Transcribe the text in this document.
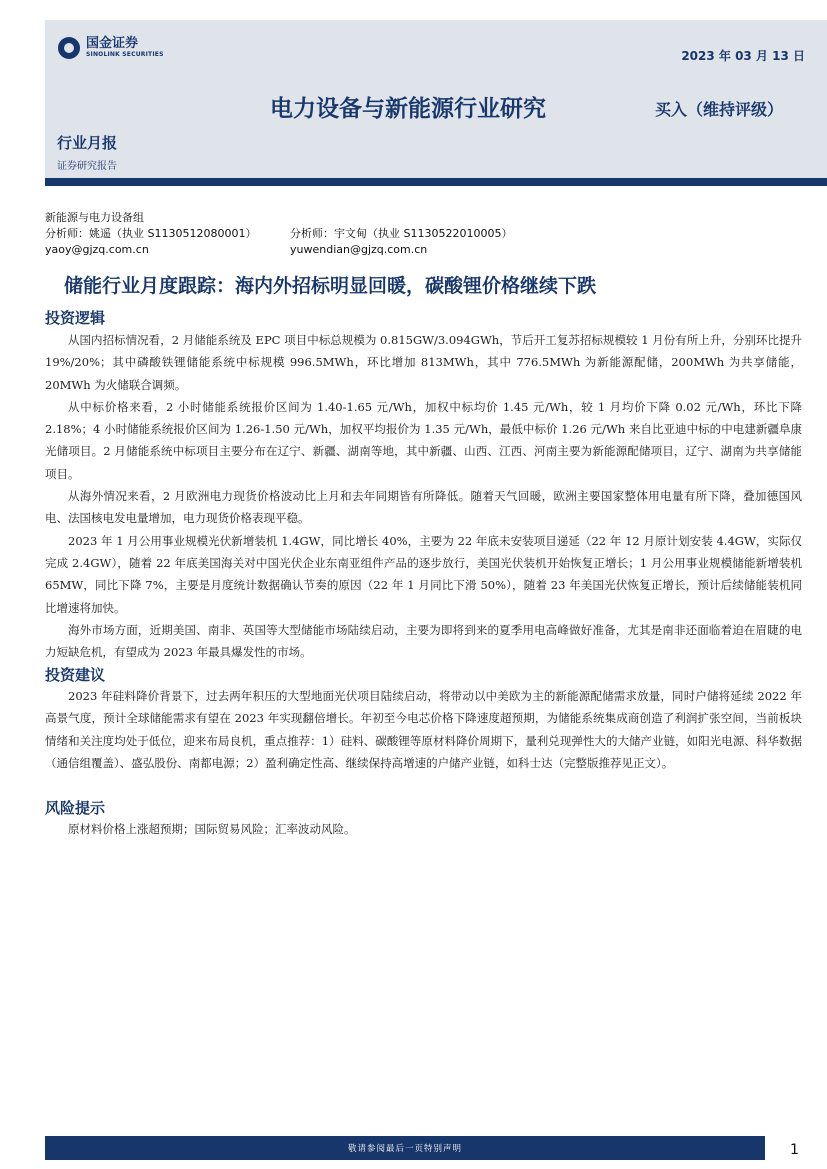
国金证券
SINOLINK SECURITIES	2023 年 03 月 13 日
电力设备与新能源行业研究	买入（维持评级）
行业月报
证券研究报告
新能源与电力设备组
分析师：姚遥（执业 S1130512080001）	分析师：宇文甸（执业 S1130522010005）
yaoy@gjzq.com.cn	yuwendian@gjzq.com.cn
储能行业月度跟踪：海内外招标明显回暖，碳酸锂价格继续下跌
投资逻辑

从国内招标情况看，2 月储能系统及 EPC 项目中标总规模为 0.815GW/3.094GWh，节后开工复苏招标规模较 1 月份有所上升，分别环比提升 19%/20%；其中磷酸铁锂储能系统中标规模 996.5MWh，环比增加 813MWh，其中 776.5MWh 为新能源配储，200MWh 为共享储能，20MWh 为火储联合调频。

从中标价格来看，2 小时储能系统报价区间为 1.40-1.65 元/Wh，加权中标均价 1.45 元/Wh，较 1 月均价下降 0.02 元/Wh，环比下降 2.18%；4 小时储能系统报价区间为 1.26-1.50 元/Wh，加权平均报价为 1.35 元/Wh，最低中标价 1.26 元/Wh 来自比亚迪中标的中电建新疆阜康光储项目。2 月储能系统中标项目主要分布在辽宁、新疆、湖南等地，其中新疆、山西、江西、河南主要为新能源配储项目，辽宁、湖南为共享储能项目。

从海外情况来看，2 月欧洲电力现货价格波动比上月和去年同期皆有所降低。随着天气回暖，欧洲主要国家整体用电量有所下降，叠加德国风电、法国核电发电量增加，电力现货价格表现平稳。

2023 年 1 月公用事业规模光伏新增装机 1.4GW，同比增长 40%，主要为 22 年底未安装项目递延（22 年 12 月原计划安装 4.4GW，实际仅完成 2.4GW），随着 22 年底美国海关对中国光伏企业东南亚组件产品的逐步放行，美国光伏装机开始恢复正增长；1 月公用事业规模储能新增装机 65MW，同比下降 7%，主要是月度统计数据确认节奏的原因（22 年 1 月同比下滑 50%），随着 23 年美国光伏恢复正增长，预计后续储能装机同比增速将加快。

海外市场方面，近期美国、南非、英国等大型储能市场陆续启动，主要为即将到来的夏季用电高峰做好准备，尤其是南非还面临着迫在眉睫的电力短缺危机，有望成为 2023 年最具爆发性的市场。

投资建议

2023 年硅料降价背景下，过去两年积压的大型地面光伏项目陆续启动，将带动以中美欧为主的新能源配储需求放量，同时户储将延续 2022 年高景气度，预计全球储能需求有望在 2023 年实现翻倍增长。年初至今电芯价格下降速度超预期，为储能系统集成商创造了利润扩张空间，当前板块情绪和关注度均处于低位，迎来布局良机，重点推荐：1）硅料、碳酸锂等原材料降价周期下，量利兑现弹性大的大储产业链，如阳光电源、科华数据（通信组覆盖）、盛弘股份、南都电源；2）盈利确定性高、继续保持高增速的户储产业链，如科士达（完整版推荐见正文）。

风险提示

原材料价格上涨超预期；国际贸易风险；汇率波动风险。

敬请参阅最后一页特别声明	1
